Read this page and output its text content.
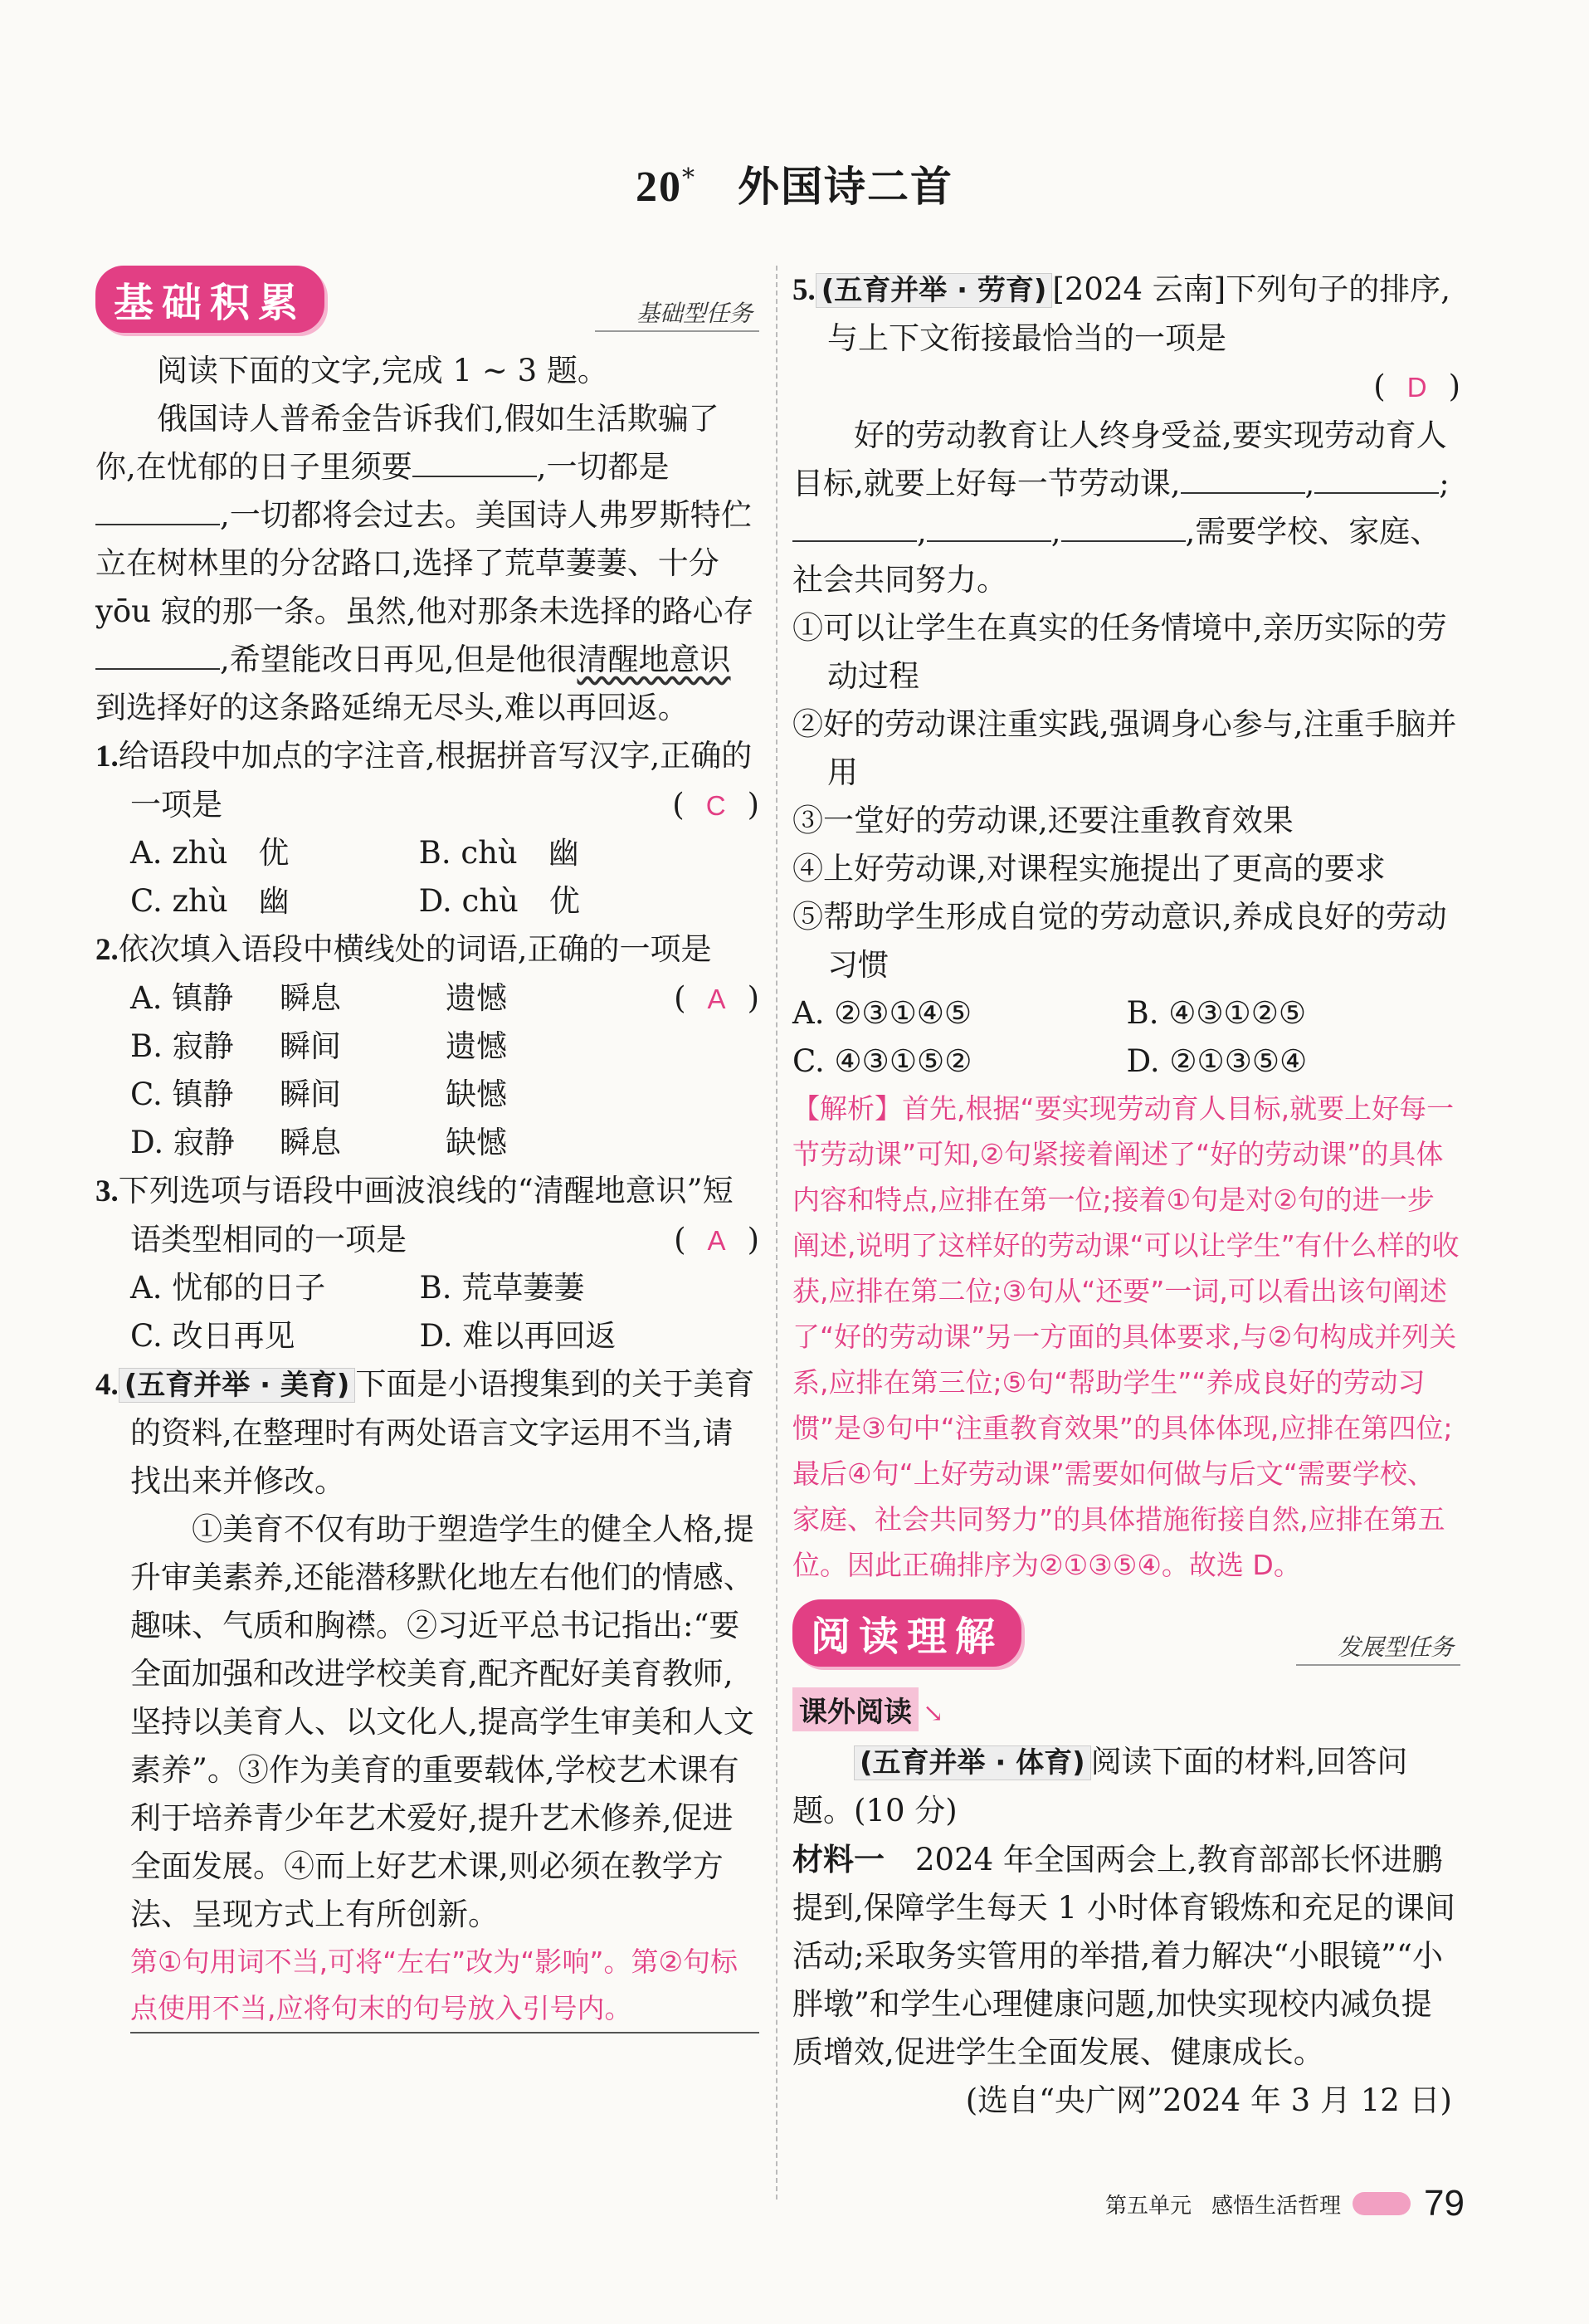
20* 外国诗二首
基础积累	基础型任务

阅读下面的文字,完成 1 ~ 3 题。

俄国诗人普希金告诉我们,假如生活欺骗了你,在忧郁的日子里须要	,一切都是,一切都将会过去。美国诗人弗罗斯特伫立在树林里的分岔路口,选择了荒草萋萋、十分 yōu 寂的那一条。虽然,他对那条未选择的路心存,希望能改日再见,但是他很清醒地意识到选择好的这条路延绵无尽头,难以再回返。

1.给语段中加点的字注音,根据拼音写汉字,正确的一项是	( C )

A. zhù　优	B. chù　幽
C. zhù　幽	D. chù　优

2.依次填入语段中横线处的词语,正确的一项是
( A )

A. 镇静	瞬息	遗憾
B. 寂静	瞬间	遗憾
C. 镇静	瞬间	缺憾
D. 寂静	瞬息	缺憾

3.下列选项与语段中画波浪线的“清醒地意识”短语类型相同的一项是	( A )

A. 忧郁的日子	B. 荒草萋萋
C. 改日再见	D. 难以再回返

4. (五育并举 · 美育) 下面是小语搜集到的关于美育的资料,在整理时有两处语言文字运用不当,请找出来并修改。

①美育不仅有助于塑造学生的健全人格,提升审美素养,还能潜移默化地左右他们的情感、趣味、气质和胸襟。②习近平总书记指出:“要全面加强和改进学校美育,配齐配好美育教师,坚持以美育人、以文化人,提高学生审美和人文素养”。③作为美育的重要载体,学校艺术课有利于培养青少年艺术爱好,提升艺术修养,促进全面发展。④而上好艺术课,则必须在教学方法、呈现方式上有所创新。

第①句用词不当,可将“左右”改为“影响”。第②句标点使用不当,应将句末的句号放入引号内。

5. (五育并举 · 劳育) [2024 云南]下列句子的排序,与上下文衔接最恰当的一项是

( D )

好的劳动教育让人终身受益,要实现劳动育人目标,就要上好每一节劳动课,	,	;,	,	,需要学校、家庭、社会共同努力。

①可以让学生在真实的任务情境中,亲历实际的劳动过程

②好的劳动课注重实践,强调身心参与,注重手脑并用

③一堂好的劳动课,还要注重教育效果

④上好劳动课,对课程实施提出了更高的要求

⑤帮助学生形成自觉的劳动意识,养成良好的劳动习惯

A. ②③①④⑤	B. ④③①②⑤
C. ④③①⑤②	D. ②①③⑤④
【解析】首先,根据“要实现劳动育人目标,就要上好每一节劳动课”可知,②句紧接着阐述了“好的劳动课”的具体内容和特点,应排在第一位;接着①句是对②句的进一步阐述,说明了这样好的劳动课“可以让学生”有什么样的收获,应排在第二位;③句从“还要”一词,可以看出该句阐述了“好的劳动课”另一方面的具体要求,与②句构成并列关系,应排在第三位;⑤句“帮助学生”“养成良好的劳动习惯”是③句中“注重教育效果”的具体体现,应排在第四位;最后④句“上好劳动课”需要如何做与后文“需要学校、家庭、社会共同努力”的具体措施衔接自然,应排在第五位。因此正确排序为②①③⑤④。故选 D。
阅读理解	发展型任务
课外阅读 ↘

(五育并举 · 体育) 阅读下面的材料,回答问题。(10 分)

材料一　 2024 年全国两会上,教育部部长怀进鹏提到,保障学生每天 1 小时体育锻炼和充足的课间活动;采取务实管用的举措,着力解决“小眼镜”“小胖墩”和学生心理健康问题,加快实现校内减负提质增效,促进学生全面发展、健康成长。

(选自“央广网”2024 年 3 月 12 日)

第五单元 感悟生活哲理 79
